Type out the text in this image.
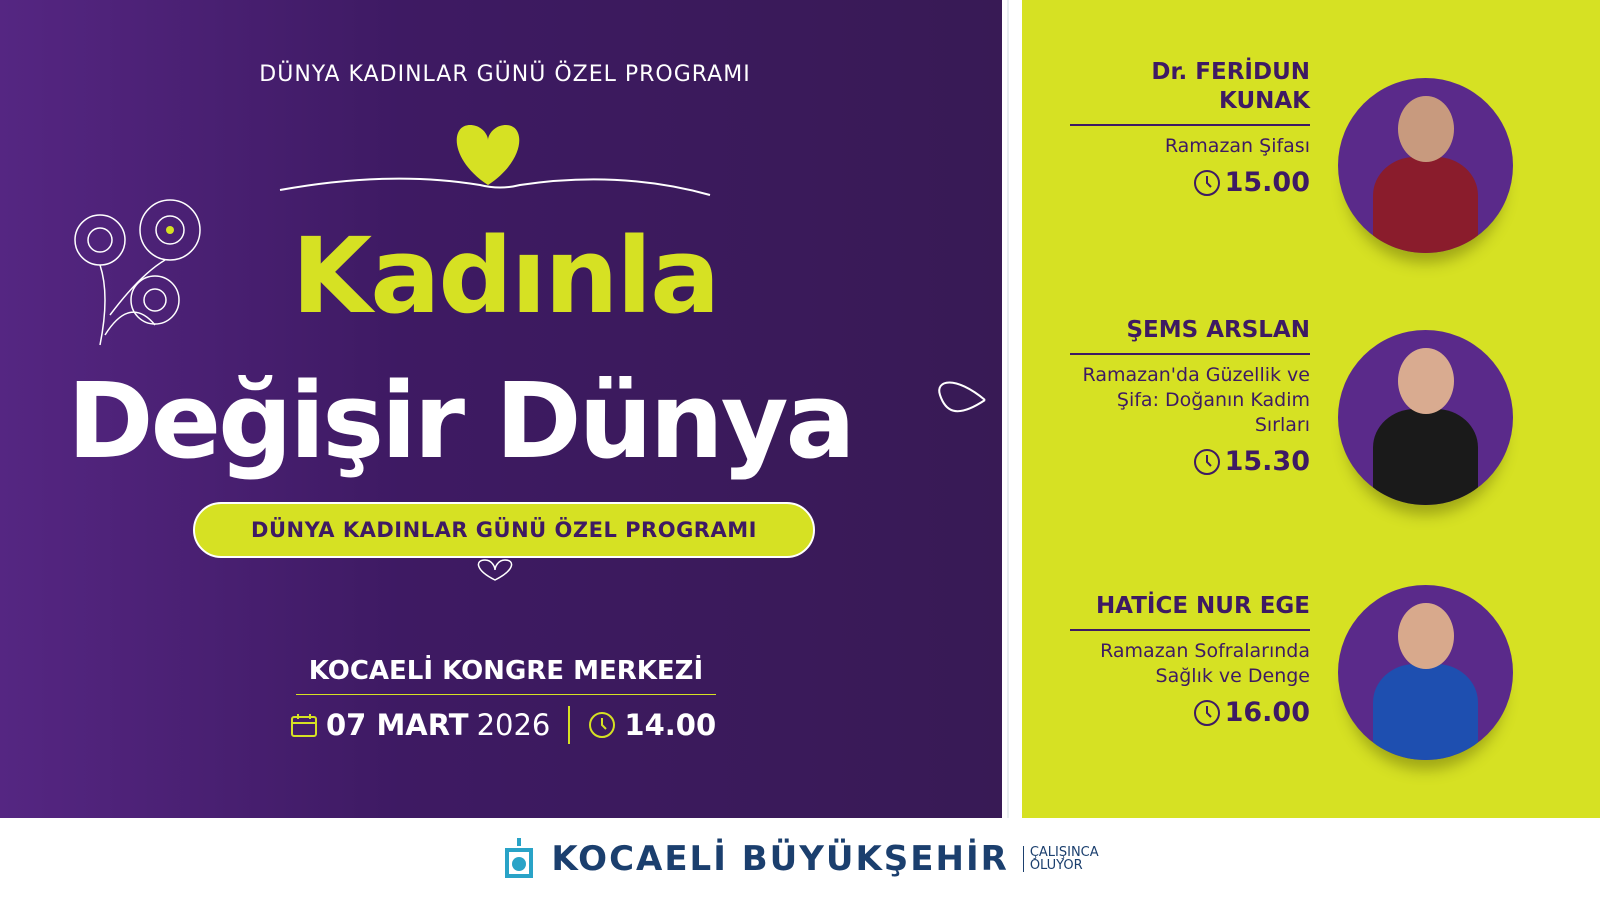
DÜNYA KADINLAR GÜNÜ ÖZEL PROGRAMI
Kadınla
Değişir Dünya
DÜNYA KADINLAR GÜNÜ ÖZEL PROGRAMI
KOCAELİ KONGRE MERKEZİ
07 MART 2026	14.00
Dr. FERİDUN KUNAK
Ramazan Şifası
15.00
ŞEMS ARSLAN
Ramazan'da Güzellik ve Şifa: Doğanın Kadim Sırları
15.30
HATİCE NUR EGE
Ramazan Sofralarında Sağlık ve Denge
16.00
KOCAELİ BÜYÜKŞEHİR	ÇALIŞINCA
OLUYOR
